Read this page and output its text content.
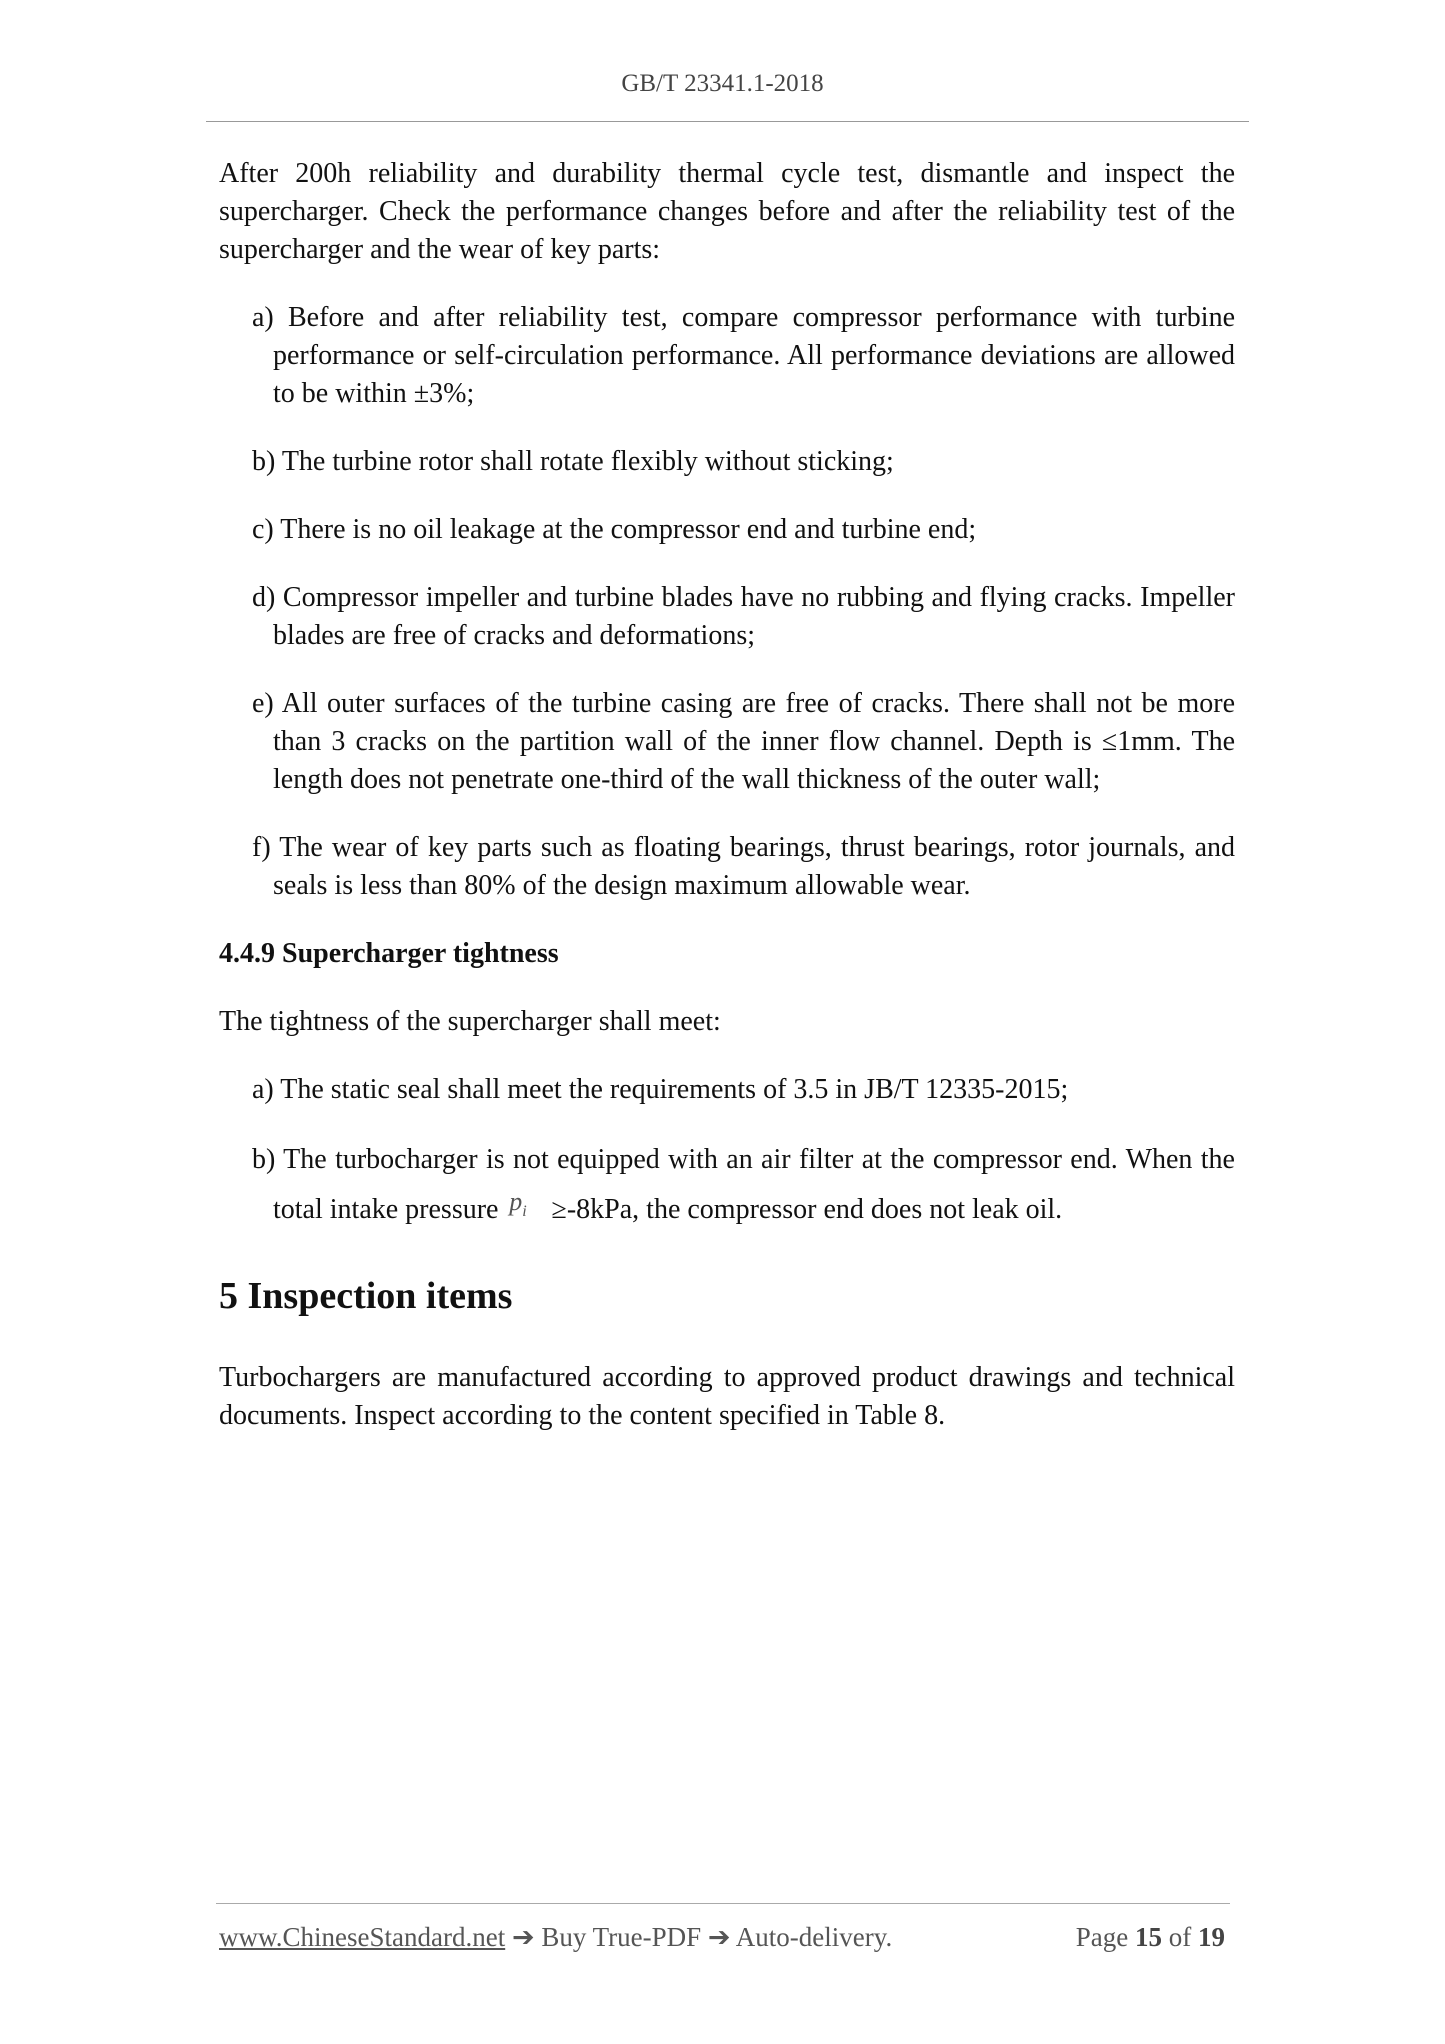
GB/T 23341.1-2018

After 200h reliability and durability thermal cycle test, dismantle and inspect the supercharger. Check the performance changes before and after the reliability test of the supercharger and the wear of key parts:

a) Before and after reliability test, compare compressor performance with turbine performance or self-circulation performance. All performance deviations are allowed to be within ±3%;

b) The turbine rotor shall rotate flexibly without sticking;

c) There is no oil leakage at the compressor end and turbine end;

d) Compressor impeller and turbine blades have no rubbing and flying cracks. Impeller blades are free of cracks and deformations;

e) All outer surfaces of the turbine casing are free of cracks. There shall not be more than 3 cracks on the partition wall of the inner flow channel. Depth is ≤1mm. The length does not penetrate one-third of the wall thickness of the outer wall;

f) The wear of key parts such as floating bearings, thrust bearings, rotor journals, and seals is less than 80% of the design maximum allowable wear.

4.4.9 Supercharger tightness

The tightness of the supercharger shall meet:

a) The static seal shall meet the requirements of 3.5 in JB/T 12335-2015;

b) The turbocharger is not equipped with an air filter at the compressor end. When the total intake pressure $p_i \ge-8kPa$, the compressor end does not leak oil.

5 Inspection items

Turbochargers are manufactured according to approved product drawings and technical documents. Inspect according to the content specified in Table 8.

www.ChineseStandard.net ➔ Buy True-PDF ➔ Auto-delivery.	Page 15 of 19
